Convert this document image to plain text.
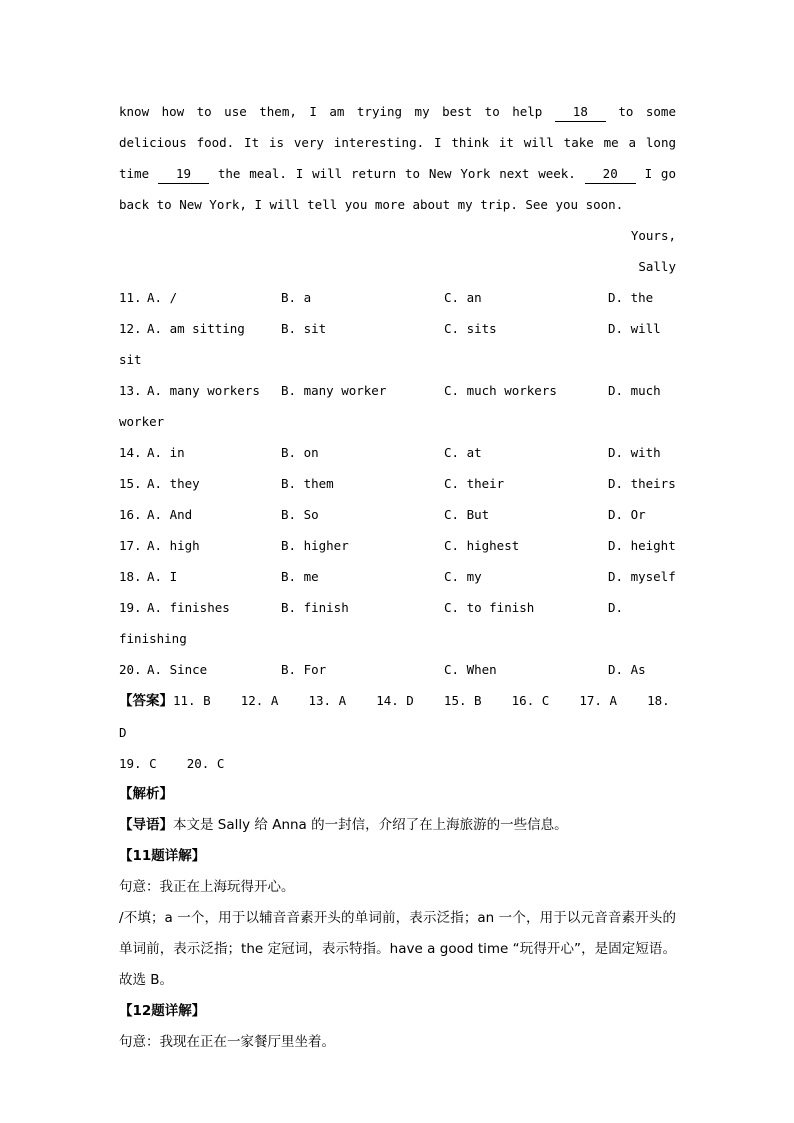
know how to use them, I am trying my best to help 18 to some delicious food. It is very interesting. I think it will take me a long time 19 the meal. I will return to New York next week. 20 I go back to New York, I will tell you more about my trip. See you soon.

Yours,

Sally

11. A. /	B. a	C. an	D. the
12. A. am sitting	B. sit	C. sits	D. will
sit
13. A. many workers	B. many worker	C. much workers	D. much
worker
14. A. in	B. on	C. at	D. with
15. A. they	B. them	C. their	D. theirs
16. A. And	B. So	C. But	D. Or
17. A. high	B. higher	C. highest	D. height
18. A. I	B. me	C. my	D. myself
19. A. finishes	B. finish	C. to finish	D.
finishing
20. A. Since	B. For	C. When	D. As

【答案】11. B    12. A    13. A    14. D    15. B    16. C    17. A    18. D

19. C    20. C

【解析】

【导语】本文是 Sally 给 Anna 的一封信，介绍了在上海旅游的一些信息。

【11题详解】

句意：我正在上海玩得开心。

/不填；a 一个，用于以辅音音素开头的单词前，表示泛指；an 一个，用于以元音音素开头的单词前，表示泛指；the 定冠词，表示特指。have a good time “玩得开心”，是固定短语。故选 B。

【12题详解】

句意：我现在正在一家餐厅里坐着。
